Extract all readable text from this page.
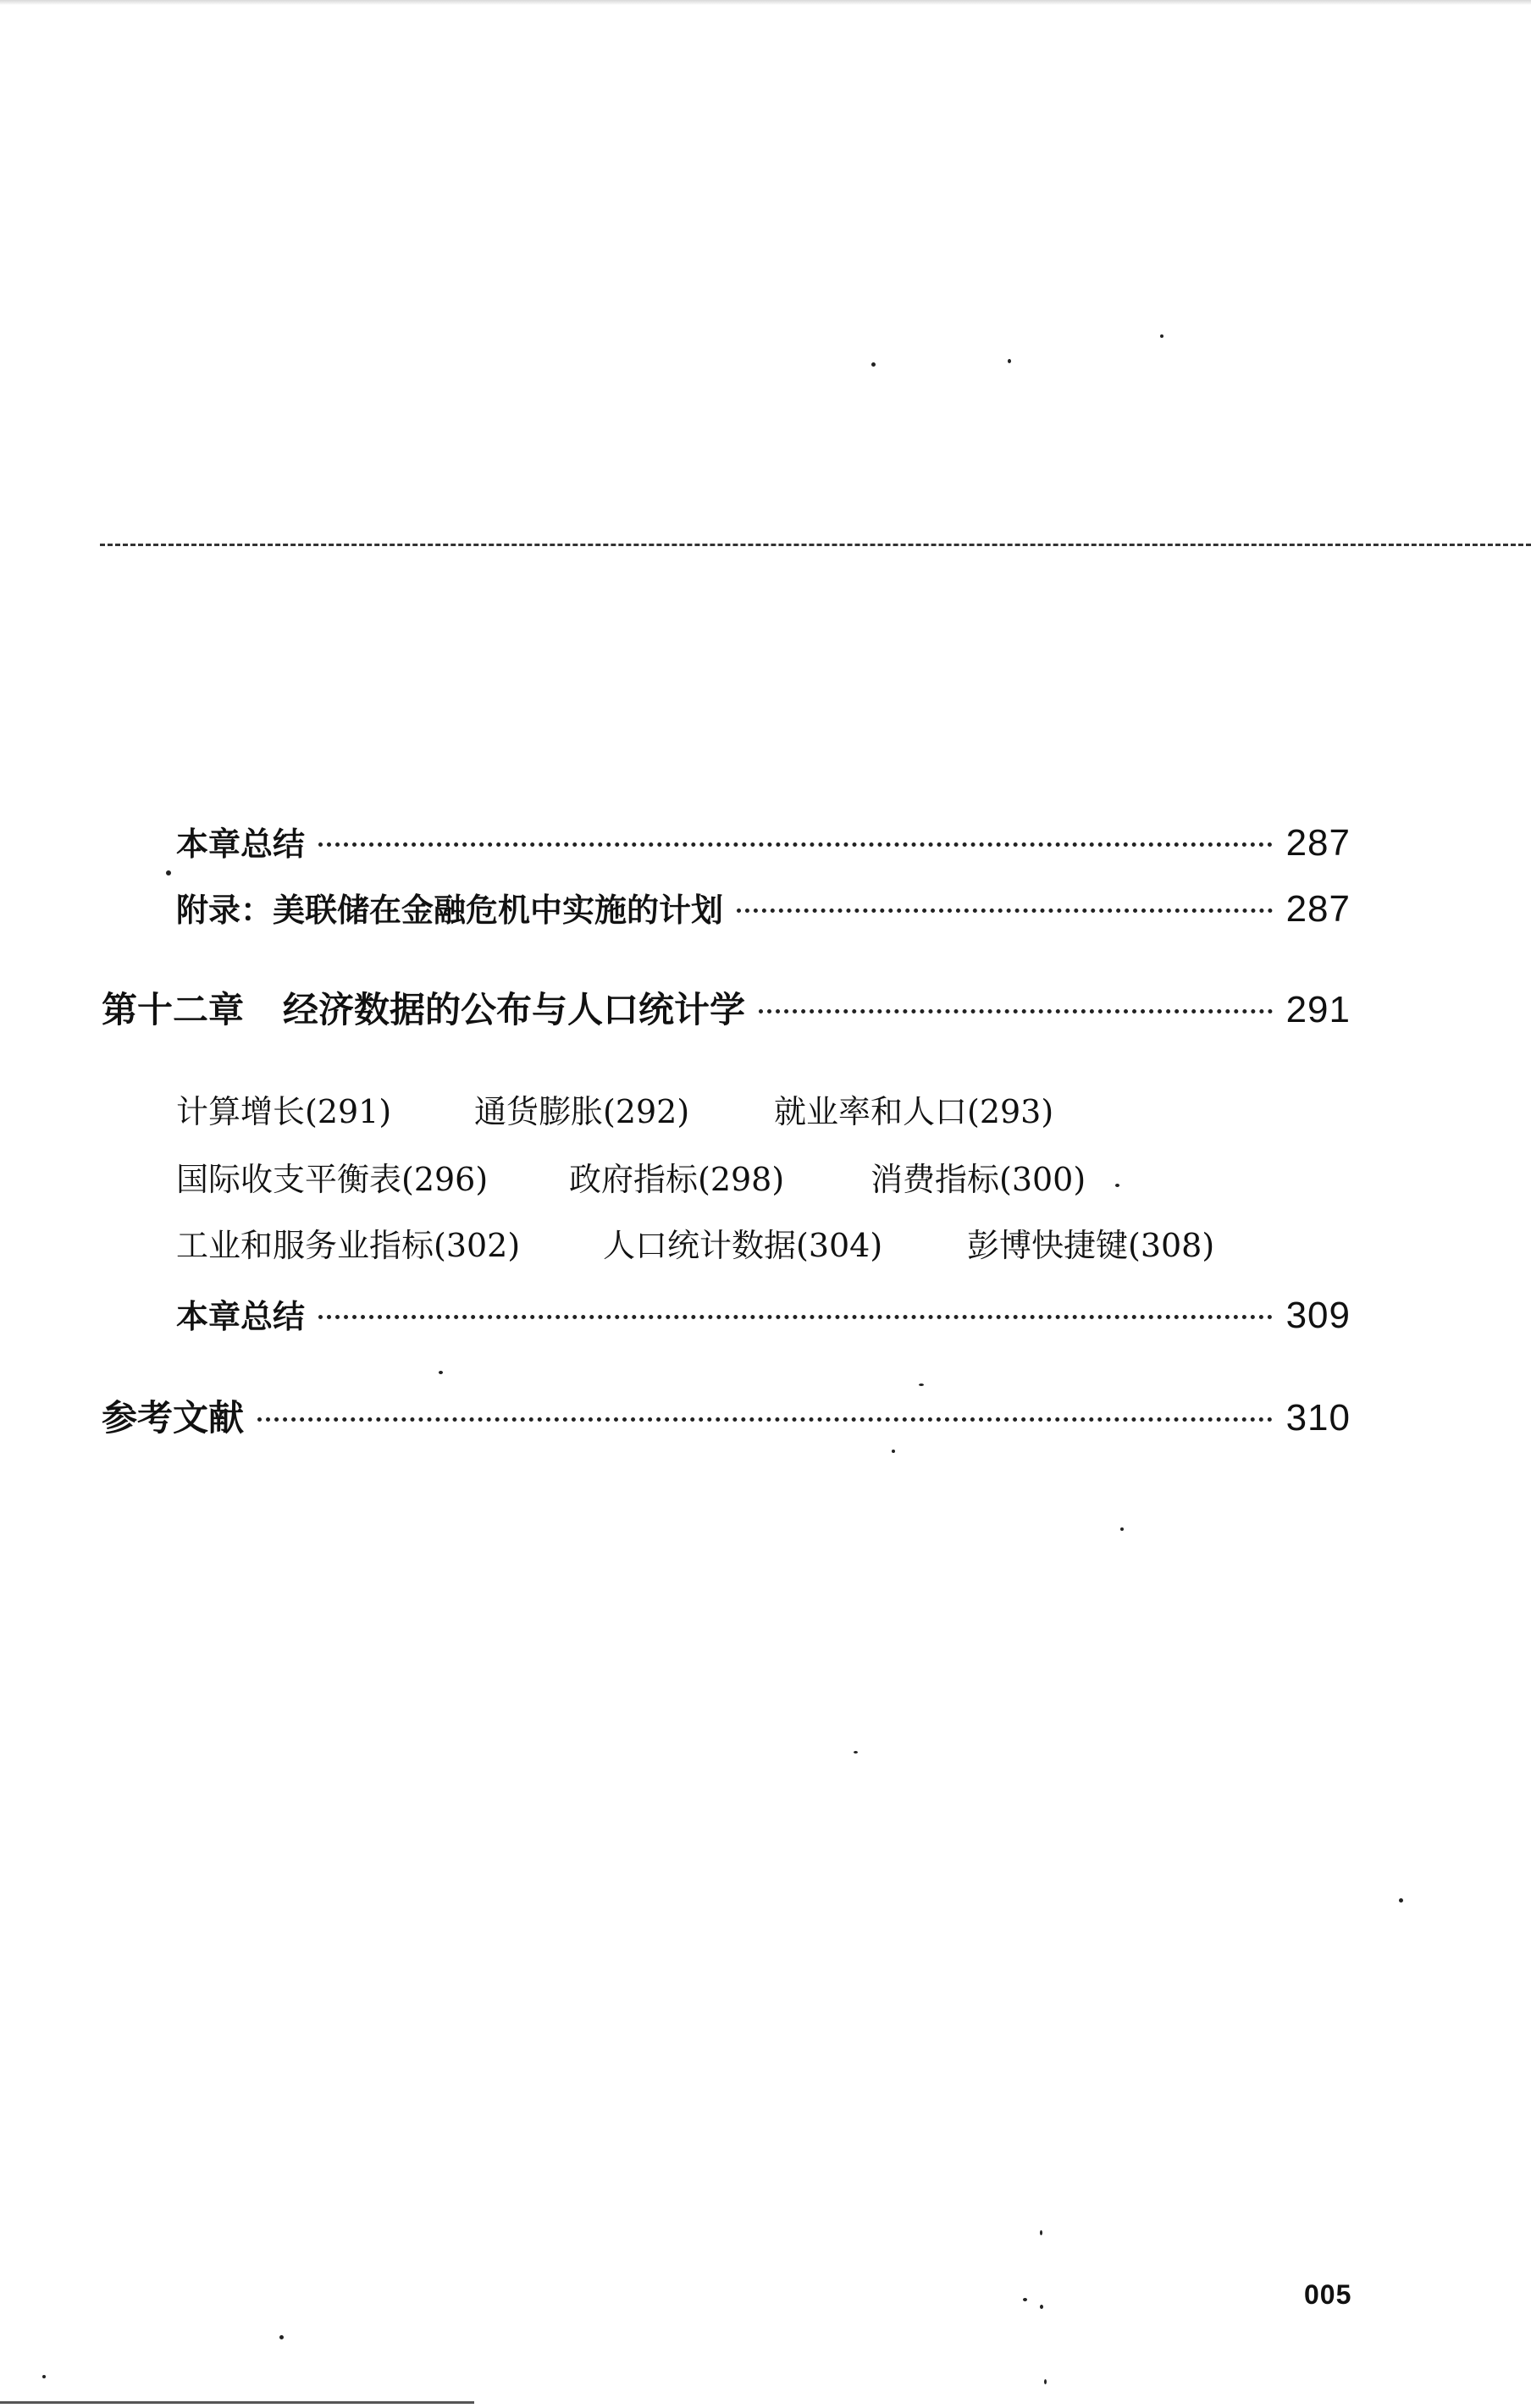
本章总结	287
附录：美联储在金融危机中实施的计划	287
第十二章 经济数据的公布与人口统计学	291
计算增长(291)	通货膨胀(292)	就业率和人口(293)
国际收支平衡表(296)	政府指标(298)	消费指标(300)
工业和服务业指标(302)	人口统计数据(304)	彭博快捷键(308)
本章总结	309
参考文献	310
005
